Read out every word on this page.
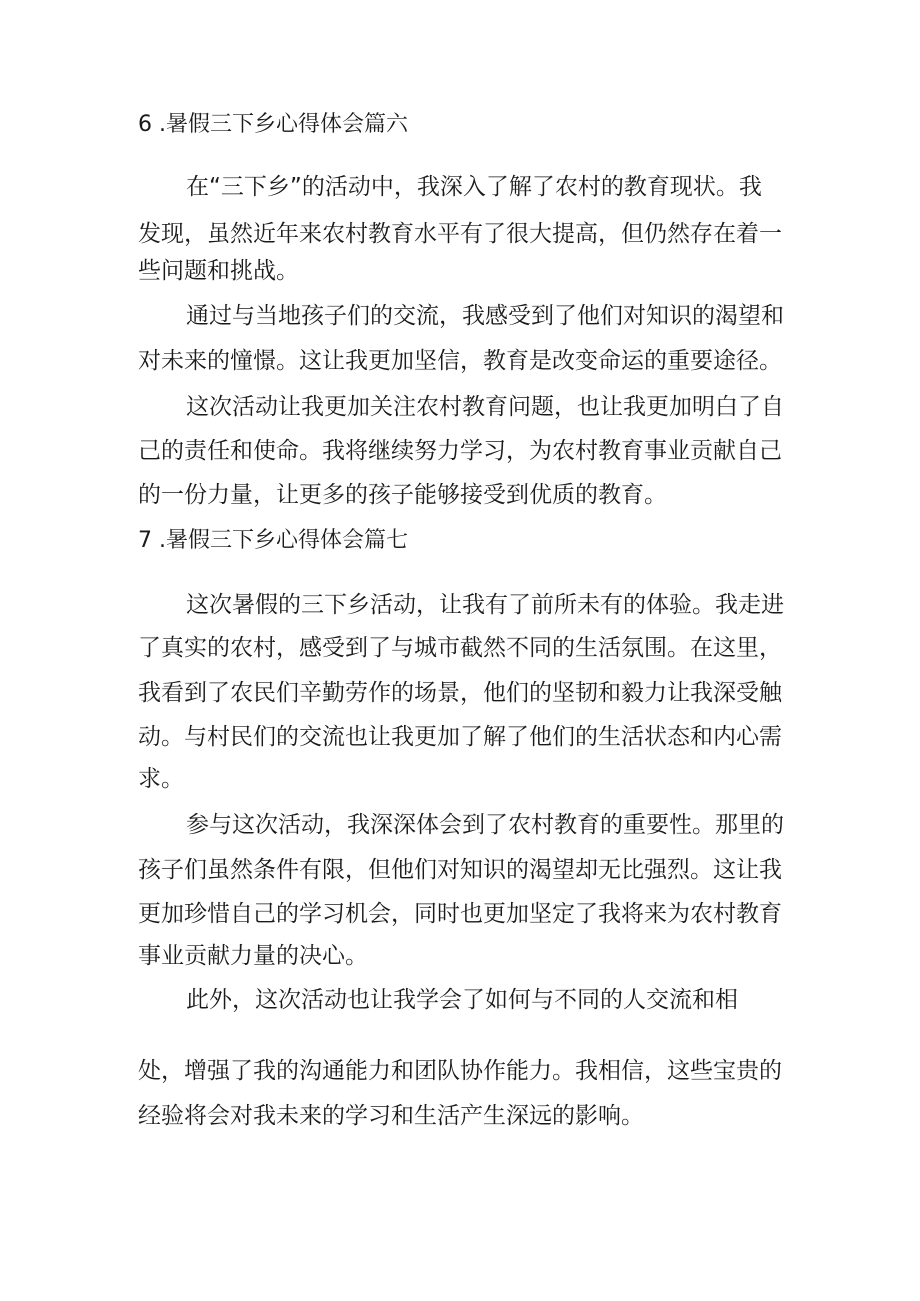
6 .暑假三下乡心得体会篇六
在“三下乡”的活动中，我深入了解了农村的教育现状。我
发现，虽然近年来农村教育水平有了很大提高，但仍然存在着一
些问题和挑战。
通过与当地孩子们的交流，我感受到了他们对知识的渴望和
对未来的憧憬。这让我更加坚信，教育是改变命运的重要途径。
这次活动让我更加关注农村教育问题，也让我更加明白了自
己的责任和使命。我将继续努力学习，为农村教育事业贡献自己
的一份力量，让更多的孩子能够接受到优质的教育。
7 .暑假三下乡心得体会篇七
这次暑假的三下乡活动，让我有了前所未有的体验。我走进
了真实的农村，感受到了与城市截然不同的生活氛围。在这里，
我看到了农民们辛勤劳作的场景，他们的坚韧和毅力让我深受触
动。与村民们的交流也让我更加了解了他们的生活状态和内心需
求。
参与这次活动，我深深体会到了农村教育的重要性。那里的
孩子们虽然条件有限，但他们对知识的渴望却无比强烈。这让我
更加珍惜自己的学习机会，同时也更加坚定了我将来为农村教育
事业贡献力量的决心。
此外，这次活动也让我学会了如何与不同的人交流和相
处，增强了我的沟通能力和团队协作能力。我相信，这些宝贵的
经验将会对我未来的学习和生活产生深远的影响。
